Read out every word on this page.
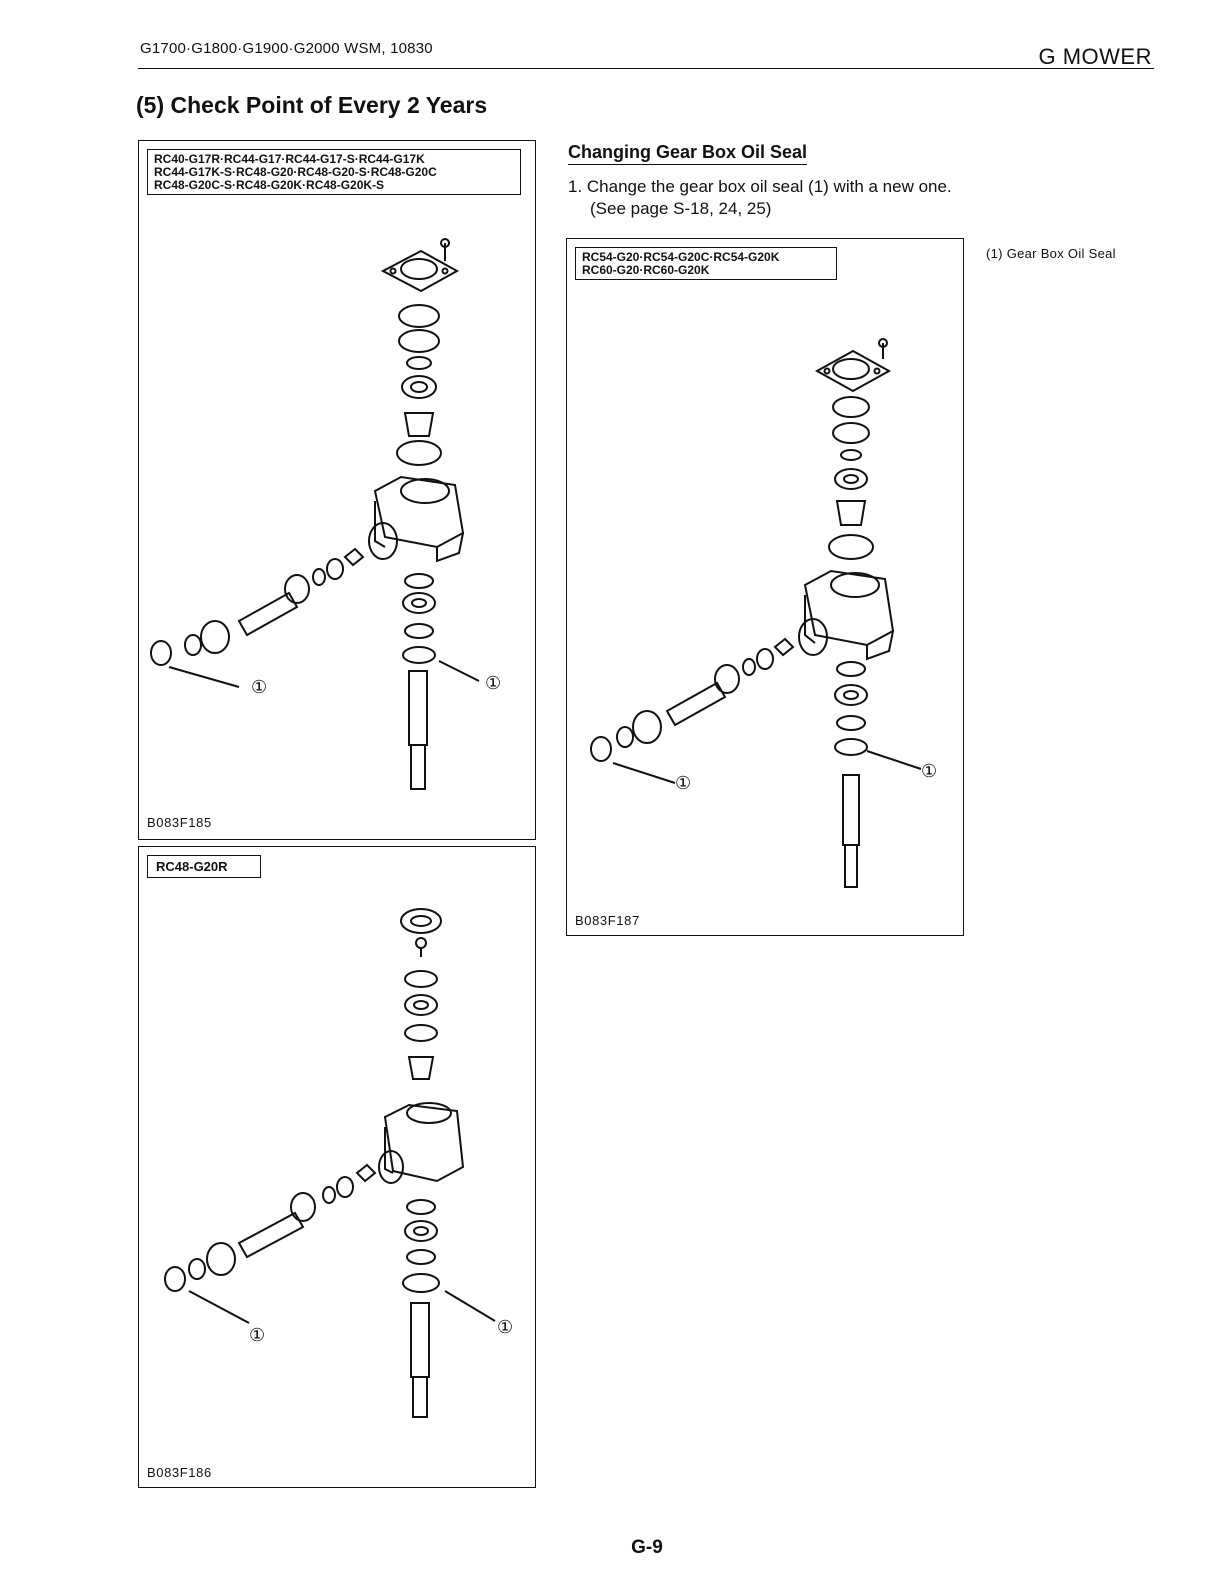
G1700·G1800·G1900·G2000 WSM, 10830	G MOWER
(5) Check Point of Every 2 Years
RC40-G17R·RC44-G17·RC44-G17-S·RC44-G17K
RC44-G17K-S·RC48-G20·RC48-G20-S·RC48-G20C
RC48-G20C-S·RC48-G20K·RC48-G20K-S
①	①
B083F185
RC48-G20R
①	①
B083F186
Changing Gear Box Oil Seal
1. Change the gear box oil seal (1) with a new one.
(See page S-18, 24, 25)
RC54-G20·RC54-G20C·RC54-G20K
RC60-G20·RC60-G20K
①
①
B083F187
(1) Gear Box Oil Seal
G-9
